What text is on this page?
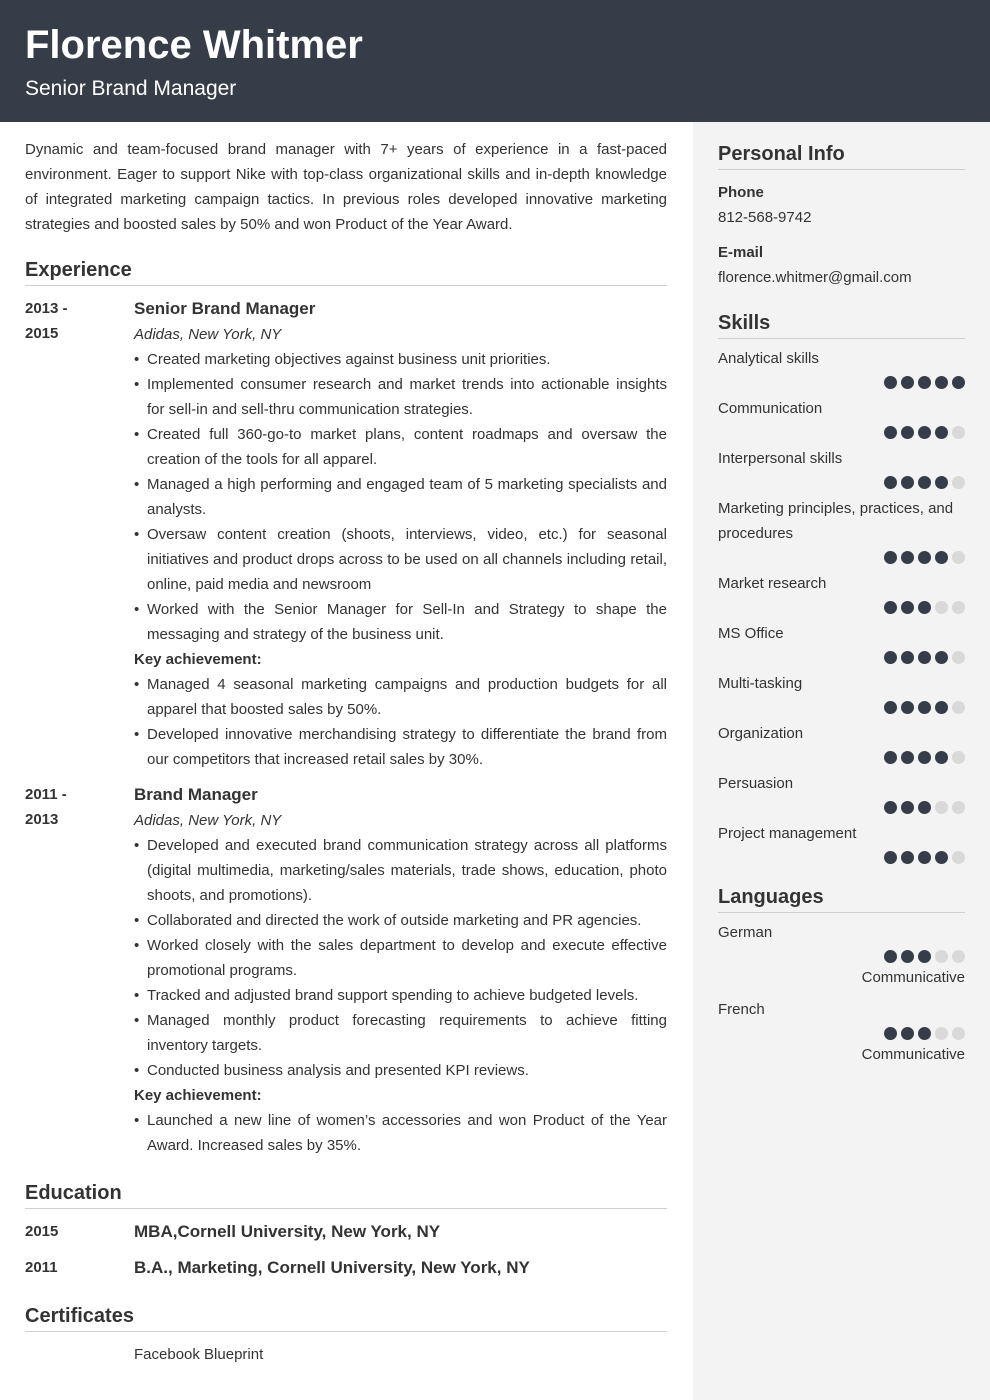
Florence Whitmer
Senior Brand Manager
Personal Info
Phone
812-568-9742
E-mail
florence.whitmer@gmail.com
Skills
Analytical skills
Communication
Interpersonal skills
Marketing principles, practices, and procedures
Market research
MS Office
Multi-tasking
Organization
Persuasion
Project management
Languages
German
Communicative
French
Communicative

Dynamic and team-focused brand manager with 7+ years of experience in a fast-paced environment. Eager to support Nike with top-class organizational skills and in-depth knowledge of integrated marketing campaign tactics. In previous roles developed innovative marketing strategies and boosted sales by 50% and won Product of the Year Award.

Experience
2013 -
2015
Senior Brand Manager
Adidas, New York, NY
• Created marketing objectives against business unit priorities.
• Implemented consumer research and market trends into actionable insights for sell-in and sell-thru communication strategies.
• Created full 360-go-to market plans, content roadmaps and oversaw the creation of the tools for all apparel.
• Managed a high performing and engaged team of 5 marketing specialists and analysts.
• Oversaw content creation (shoots, interviews, video, etc.) for seasonal initiatives and product drops across to be used on all channels including retail, online, paid media and newsroom
• Worked with the Senior Manager for Sell-In and Strategy to shape the messaging and strategy of the business unit.
Key achievement:
• Managed 4 seasonal marketing campaigns and production budgets for all apparel that boosted sales by 50%.
• Developed innovative merchandising strategy to differentiate the brand from our competitors that increased retail sales by 30%.
2011 -
2013
Brand Manager
Adidas, New York, NY
• Developed and executed brand communication strategy across all platforms (digital multimedia, marketing/sales materials, trade shows, education, photo shoots, and promotions).
• Collaborated and directed the work of outside marketing and PR agencies.
• Worked closely with the sales department to develop and execute effective promotional programs.
• Tracked and adjusted brand support spending to achieve budgeted levels.
• Managed monthly product forecasting requirements to achieve fitting inventory targets.
• Conducted business analysis and presented KPI reviews.
Key achievement:
• Launched a new line of women’s accessories and won Product of the Year Award. Increased sales by 35%.
Education
2015	MBA,Cornell University, New York, NY
2011	B.A., Marketing, Cornell University, New York, NY
Certificates
Facebook Blueprint
